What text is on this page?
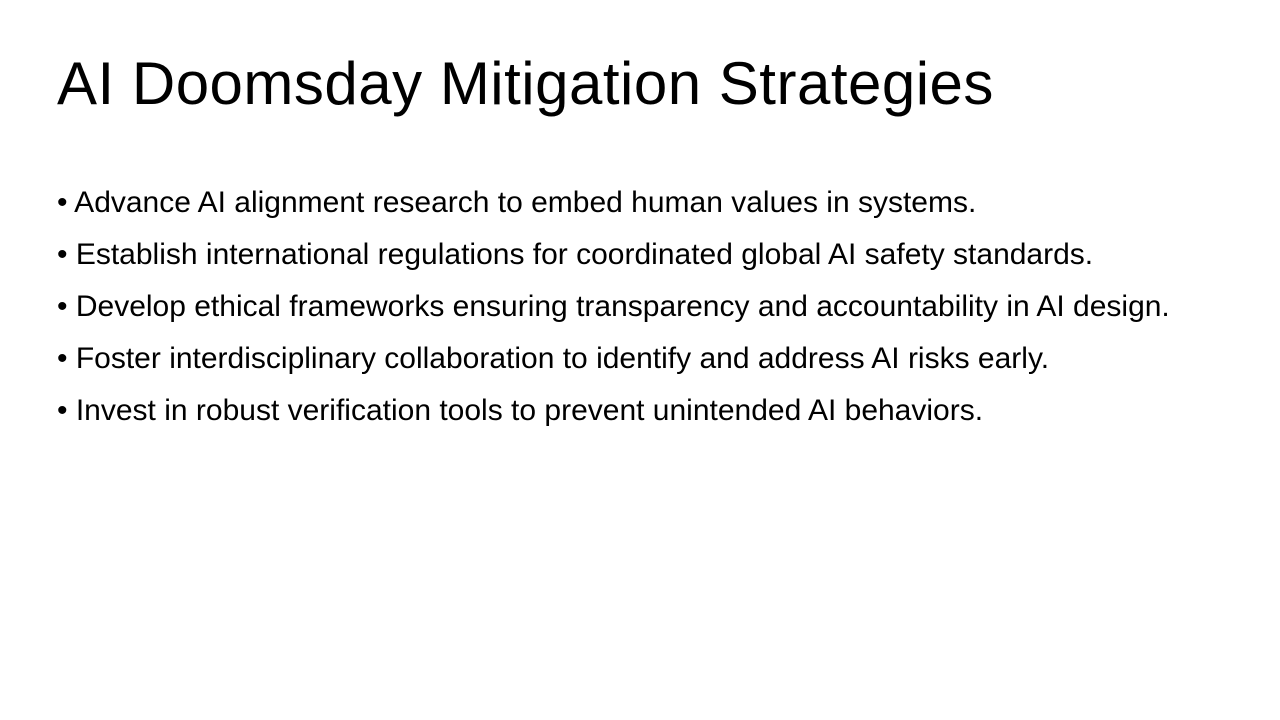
AI Doomsday Mitigation Strategies

• Advance AI alignment research to embed human values in systems.

• Establish international regulations for coordinated global AI safety standards.

• Develop ethical frameworks ensuring transparency and accountability in AI design.

• Foster interdisciplinary collaboration to identify and address AI risks early.

• Invest in robust verification tools to prevent unintended AI behaviors.
